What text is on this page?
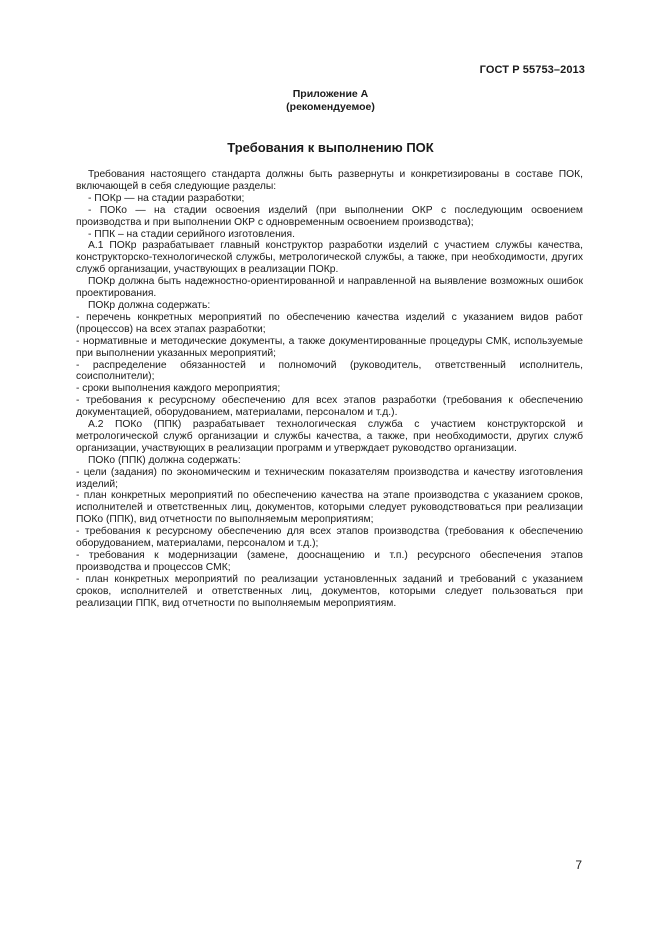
ГОСТ Р 55753–2013
Приложение А
(рекомендуемое)
Требования к выполнению ПОК

Требования настоящего стандарта должны быть развернуты и конкретизированы в составе ПОК, включающей в себя следующие разделы:

- ПОКр — на стадии разработки;

- ПОКо — на стадии освоения изделий (при выполнении ОКР с последующим освоением производства и при выполнении ОКР с одновременным освоением производства);

- ППК – на стадии серийного изготовления.

А.1 ПОКр разрабатывает главный конструктор разработки изделий с участием службы качества, конструкторско-технологической службы, метрологической службы, а также, при необходимости, других служб организации, участвующих в реализации ПОКр.

ПОКр должна быть надежностно-ориентированной и направленной на выявление возможных ошибок проектирования.

ПОКр должна содержать:

- перечень конкретных мероприятий по обеспечению качества изделий с указанием видов работ (процессов) на всех этапах разработки;

- нормативные и методические документы, а также документированные процедуры СМК, используемые при выполнении указанных мероприятий;

- распределение обязанностей и полномочий (руководитель, ответственный исполнитель, соисполнители);

- сроки выполнения каждого мероприятия;

- требования к ресурсному обеспечению для всех этапов разработки (требования к обеспечению документацией, оборудованием, материалами, персоналом и т.д.).

А.2 ПОКо (ППК) разрабатывает технологическая служба с участием конструкторской и метрологической служб организации и службы качества, а также, при необходимости, других служб организации, участвующих в реализации программ и утверждает руководство организации.

ПОКо (ППК) должна содержать:

- цели (задания) по экономическим и техническим показателям производства и качеству изготовления изделий;

- план конкретных мероприятий по обеспечению качества на этапе производства с указанием сроков, исполнителей и ответственных лиц, документов, которыми следует руководствоваться при реализации ПОКо (ППК), вид отчетности по выполняемым мероприятиям;

- требования к ресурсному обеспечению для всех этапов производства (требования к обеспечению оборудованием, материалами, персоналом и т.д.);

- требования к модернизации (замене, дооснащению и т.п.) ресурсного обеспечения этапов производства и процессов СМК;

- план конкретных мероприятий по реализации установленных заданий и требований с указанием сроков, исполнителей и ответственных лиц, документов, которыми следует пользоваться при реализации ППК, вид отчетности по выполняемым мероприятиям.

7
